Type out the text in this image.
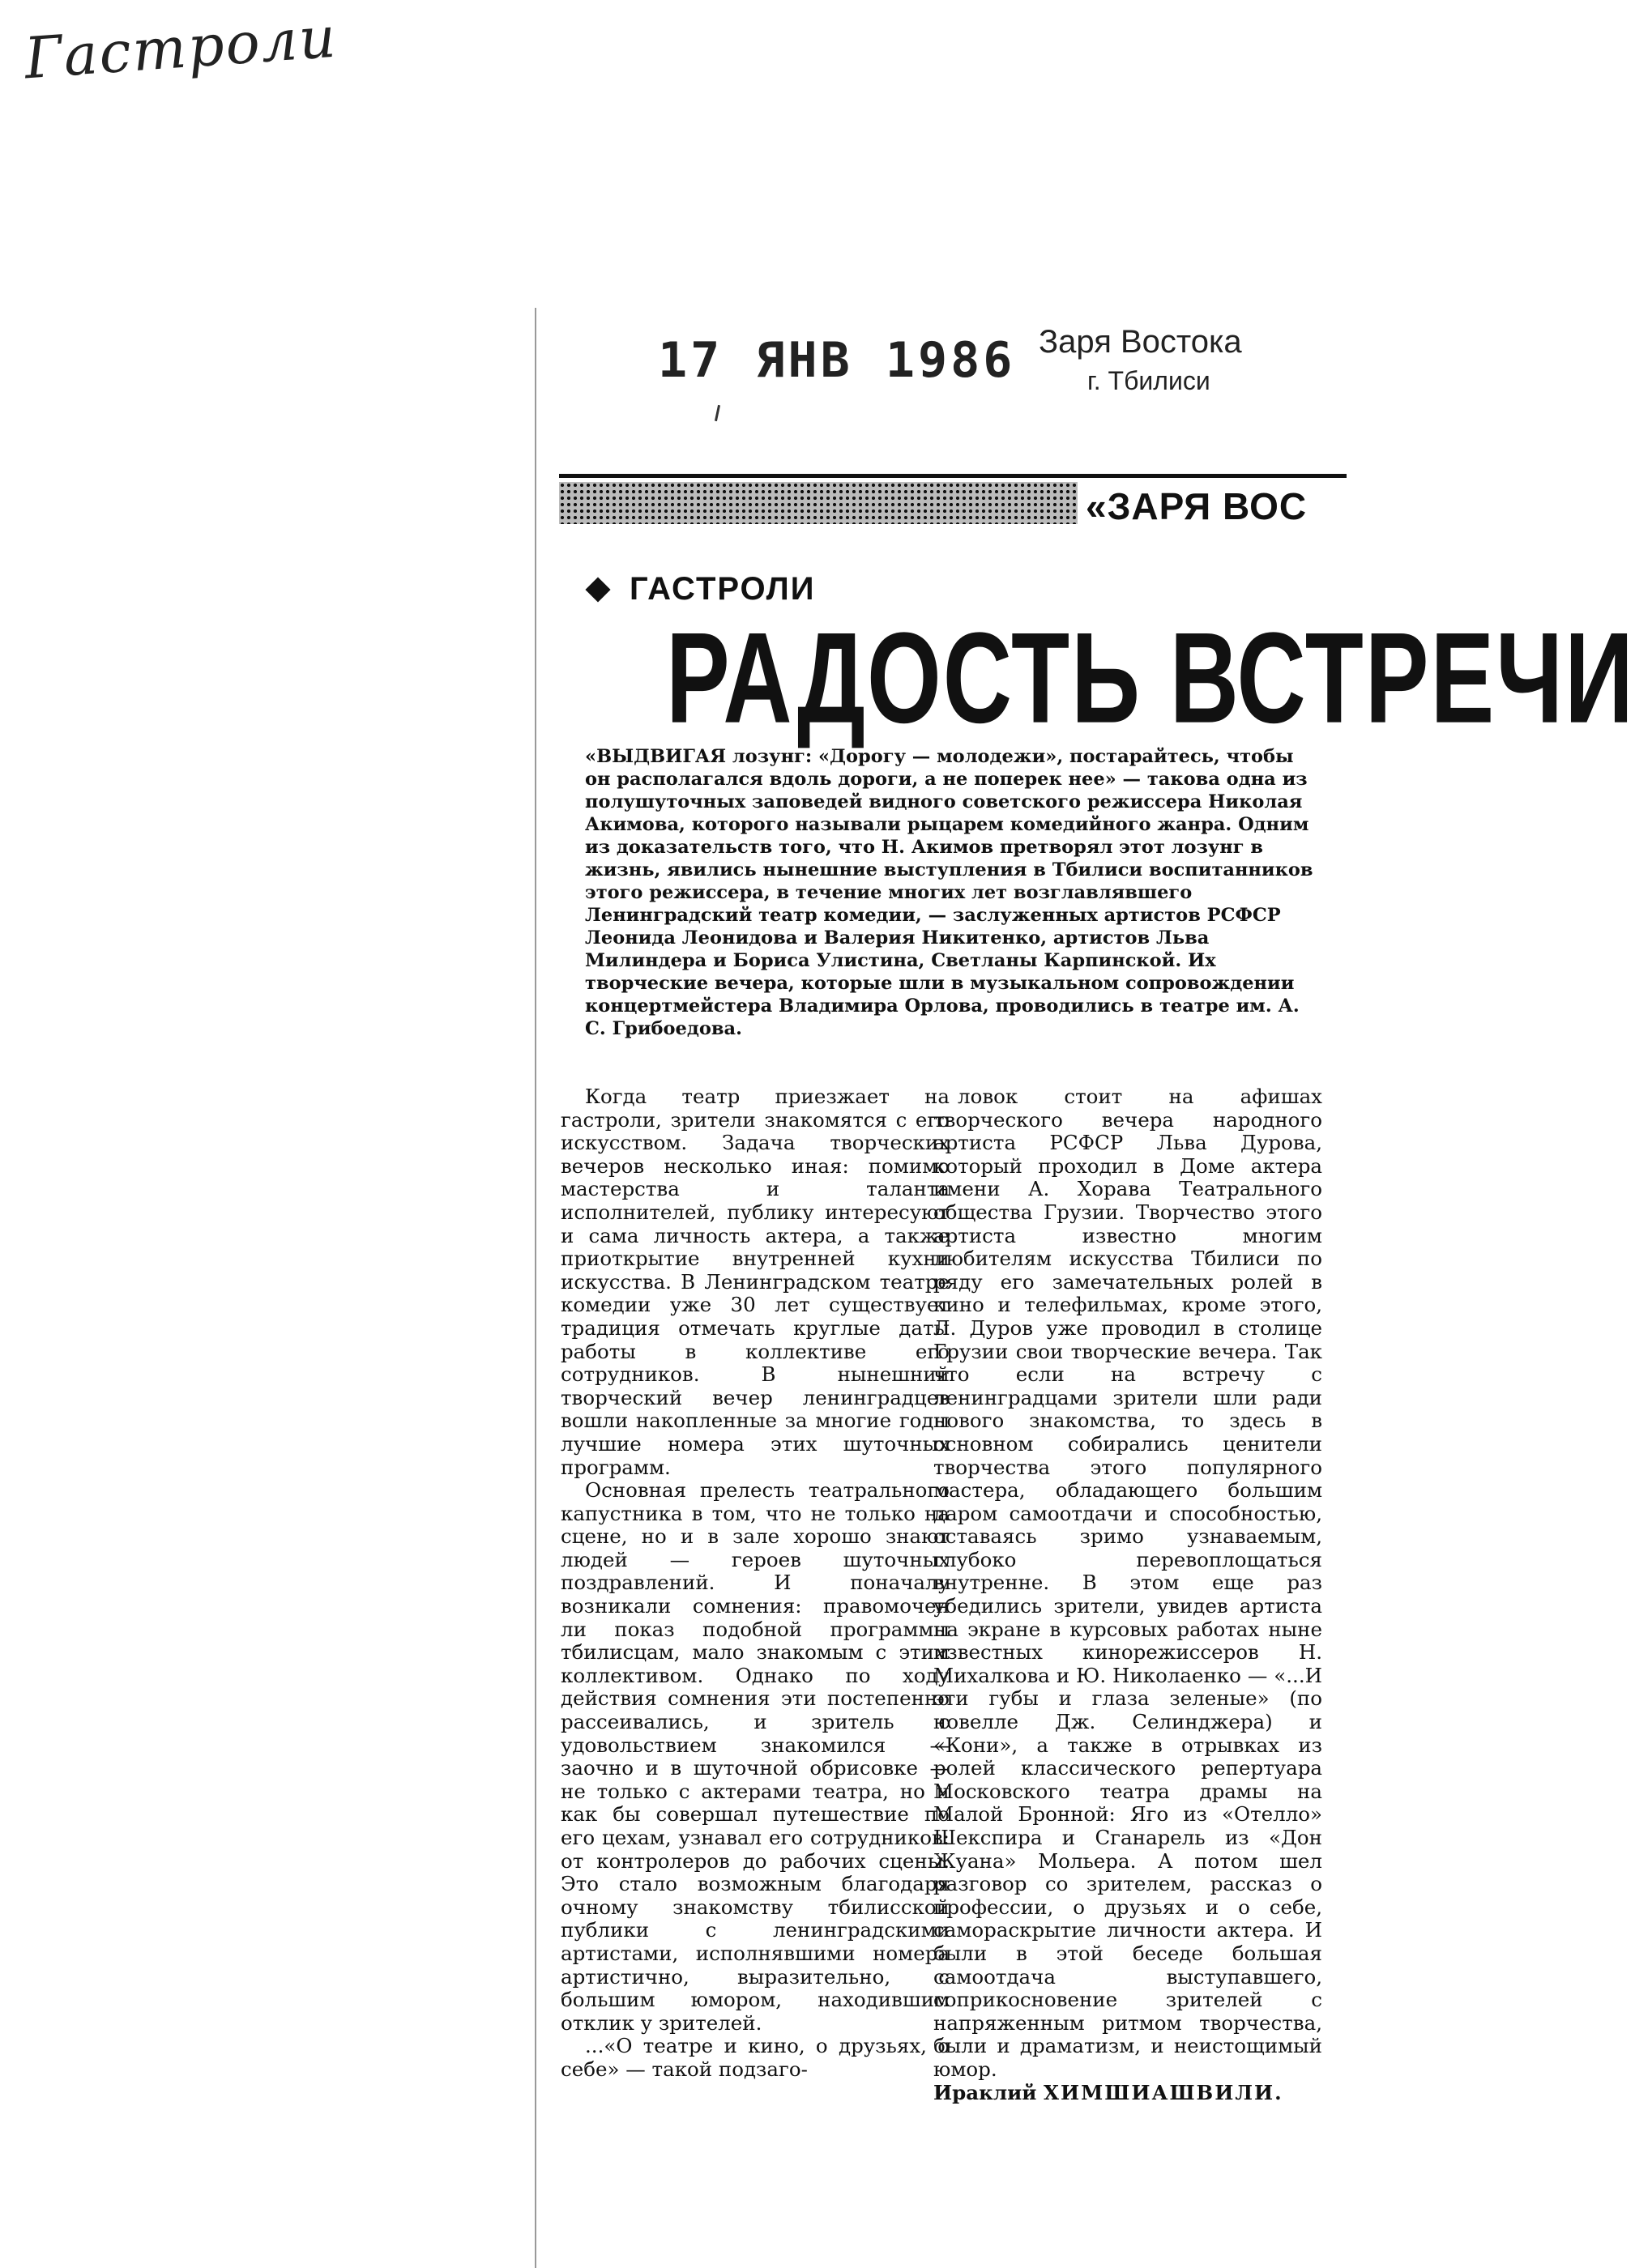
Гастроли
17 ЯНВ 1986 Заря Востока
г. Тбилиси
«ЗАРЯ ВОС
ГАСТРОЛИ
РАДОСТЬ ВСТРЕЧИ
«ВЫДВИГАЯ лозунг: «Дорогу — молодежи», постарайтесь, чтобы он располагался вдоль дороги, а не поперек нее» — такова одна из полушуточных заповедей видного советского режиссера Николая Акимова, которого называли рыцарем комедийного жанра. Одним из доказательств того, что Н. Акимов претворял этот лозунг в жизнь, явились нынешние выступления в Тбилиси воспитанников этого режиссера, в течение многих лет возглавлявшего Ленинградский театр комедии, — заслуженных артистов РСФСР Леонида Леонидова и Валерия Никитенко, артистов Льва Милиндера и Бориса Улистина, Светланы Карпинской. Их творческие вечера, которые шли в музыкальном сопровождении концертмейстера Владимира Орлова, проводились в театре им. А. С. Грибоедова.

Когда театр приезжает на гастроли, зрители знакомятся с его искусством. Задача творческих вечеров несколько иная: помимо мастерства и таланта исполнителей, публику интересуют и сама личность актера, а также приоткрытие внутренней кухни искусства. В Ленинградском театре комедии уже 30 лет существует традиция отмечать круглые даты работы в коллективе его сотрудников. В нынешний творческий вечер ленинградцев вошли накопленные за многие годы лучшие номера этих шуточных программ.

Основная прелесть театрального капустника в том, что не только на сцене, но и в зале хорошо знают людей — героев шуточных поздравлений. И поначалу возникали сомнения: правомочен ли показ подобной программы тбилисцам, мало знакомым с этим коллективом. Однако по ходу действия сомнения эти постепенно рассеивались, и зритель с удовольствием знакомился — заочно и в шуточной обрисовке — не только с актерами театра, но и как бы совершал путешествие по его цехам, узнавал его сотрудников: от контролеров до рабочих сцены. Это стало возможным благодаря очному знакомству тбилисской публики с ленинградскими артистами, исполнявшими номера артистично, выразительно, с большим юмором, находившим отклик у зрителей.

...«О театре и кино, о друзьях, о себе» — такой подзаго-

ловок стоит на афишах творческого вечера народного артиста РСФСР Льва Дурова, который проходил в Доме актера имени А. Хорава Театрального общества Грузии. Творчество этого артиста известно многим любителям искусства Тбилиси по ряду его замечательных ролей в кино и телефильмах, кроме этого, Л. Дуров уже проводил в столице Грузии свои творческие вечера. Так что если на встречу с ленинградцами зрители шли ради нового знакомства, то здесь в основном собирались ценители творчества этого популярного мастера, обладающего большим даром самоотдачи и способностью, оставаясь зримо узнаваемым, глубоко перевоплощаться внутренне. В этом еще раз убедились зрители, увидев артиста на экране в курсовых работах ныне известных кинорежиссеров Н. Михалкова и Ю. Николаенко — «...И эти губы и глаза зеленые» (по новелле Дж. Селинджера) и «Кони», а также в отрывках из ролей классического репертуара Московского театра драмы на Малой Бронной: Яго из «Отелло» Шекспира и Сганарель из «Дон Жуана» Мольера. А потом шел разговор со зрителем, рассказ о профессии, о друзьях и о себе, самораскрытие личности актера. И были в этой беседе большая самоотдача выступавшего, соприкосновение зрителей с напряженным ритмом творчества, были и драматизм, и неистощимый юмор.

Ираклий ХИМШИАШВИЛИ.
